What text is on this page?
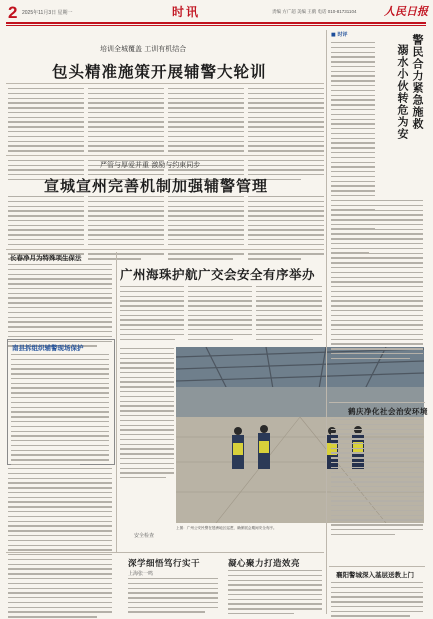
2 2025年11月3日 星期一	时讯	责编 方广超 美编 王鹤 电话 010-81731104	人民日报
培训全城覆盖 工训有机结合
包头精准施策开展辅警大轮训
严管与厚爱并重 激励与约束同步
宣城宣州完善机制加强辅警管理
长春净月为特殊项生保法
南县拆组织辅警现场保护
广州海珠护航广交会安全有序举办
安全检查
上图：广州公安民警在琶洲地区巡逻，确保展会期间安全有序。
深学细悟笃行实干
上海张一鸣
凝心聚力打造效亮
■ 时评	警民合力紧急施救
溺水小伙转危为安
鹤庆净化社会治安环境
襄阳警城深入基层送教上门
